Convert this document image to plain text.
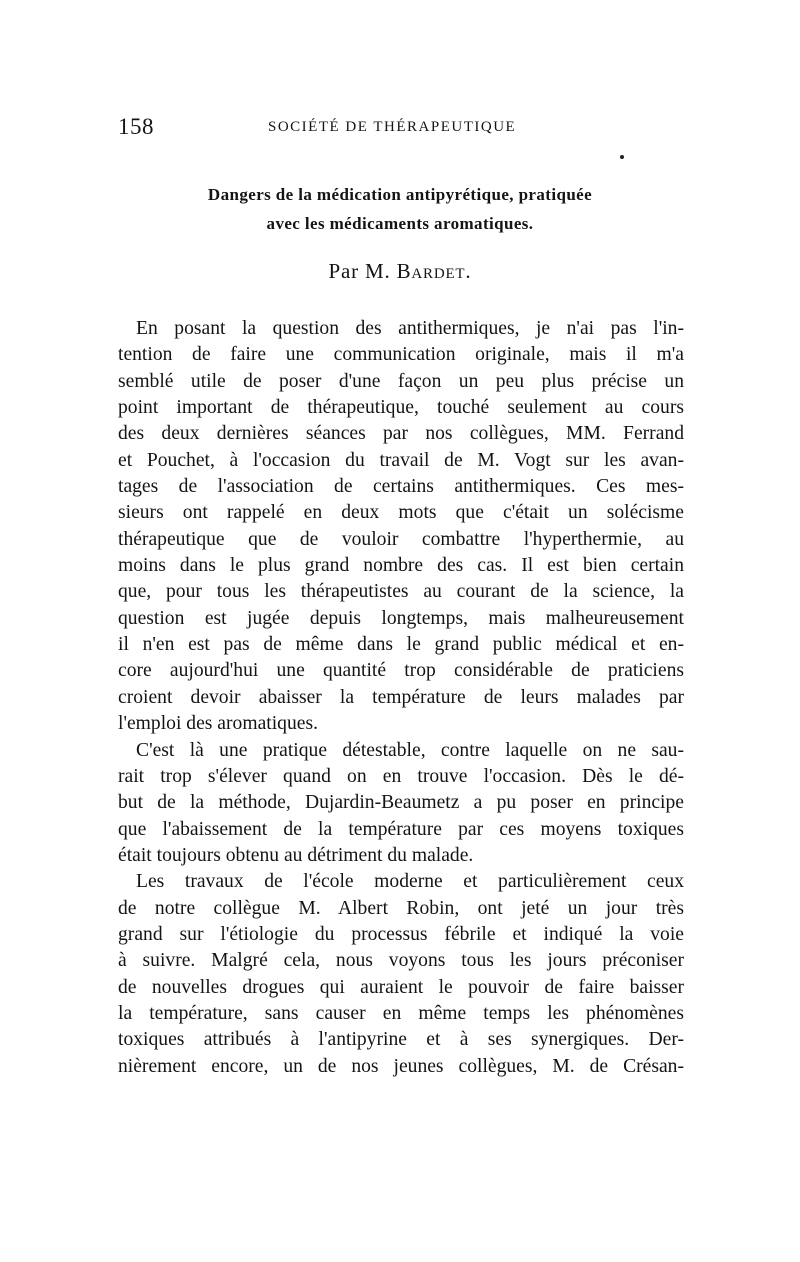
158	SOCIÉTÉ DE THÉRAPEUTIQUE
Dangers de la médication antipyrétique, pratiquée
avec les médicaments aromatiques.
Par M. Bardet.
En posant la question des antithermiques, je n'ai pas l'in-
tention de faire une communication originale, mais il m'a
semblé utile de poser d'une façon un peu plus précise un
point important de thérapeutique, touché seulement au cours
des deux dernières séances par nos collègues, MM. Ferrand
et Pouchet, à l'occasion du travail de M. Vogt sur les avan-
tages de l'association de certains antithermiques. Ces mes-
sieurs ont rappelé en deux mots que c'était un solécisme
thérapeutique que de vouloir combattre l'hyperthermie, au
moins dans le plus grand nombre des cas. Il est bien certain
que, pour tous les thérapeutistes au courant de la science, la
question est jugée depuis longtemps, mais malheureusement
il n'en est pas de même dans le grand public médical et en-
core aujourd'hui une quantité trop considérable de praticiens
croient devoir abaisser la température de leurs malades par
l'emploi des aromatiques.
C'est là une pratique détestable, contre laquelle on ne sau-
rait trop s'élever quand on en trouve l'occasion. Dès le dé-
but de la méthode, Dujardin-Beaumetz a pu poser en principe
que l'abaissement de la température par ces moyens toxiques
était toujours obtenu au détriment du malade.
Les travaux de l'école moderne et particulièrement ceux
de notre collègue M. Albert Robin, ont jeté un jour très
grand sur l'étiologie du processus fébrile et indiqué la voie
à suivre. Malgré cela, nous voyons tous les jours préconiser
de nouvelles drogues qui auraient le pouvoir de faire baisser
la température, sans causer en même temps les phénomènes
toxiques attribués à l'antipyrine et à ses synergiques. Der-
nièrement encore, un de nos jeunes collègues, M. de Crésan-
